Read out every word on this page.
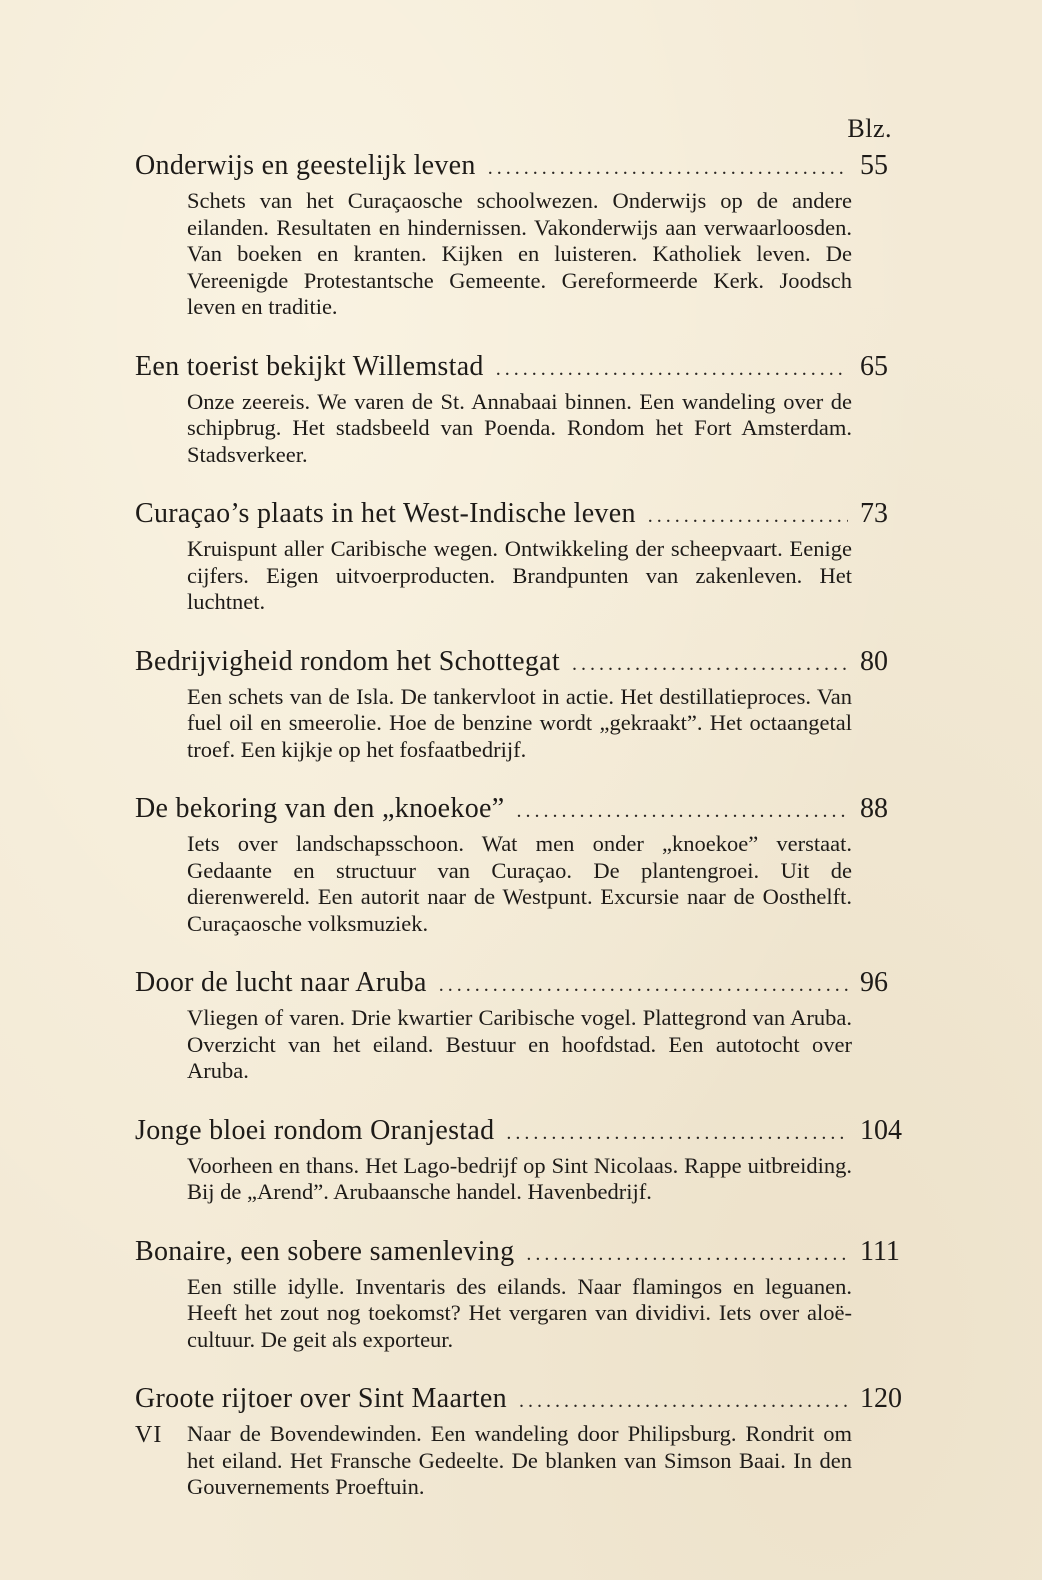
Blz.
Onderwijs en geestelijk leven .....	55
Schets van het Curaçaosche schoolwezen. Onderwijs op de andere eilanden. Resultaten en hindernissen. Vakonderwijs aan verwaarloosden. Van boeken en kranten. Kijken en luisteren. Katholiek leven. De Vereenigde Protestantsche Gemeente. Gereformeerde Kerk. Joodsch leven en traditie.
Een toerist bekijkt Willemstad .....	65
Onze zeereis. We varen de St. Annabaai binnen. Een wandeling over de schipbrug. Het stadsbeeld van Poenda. Rondom het Fort Amsterdam. Stadsverkeer.
Curaçao’s plaats in het West-Indische leven .....	73
Kruispunt aller Caribische wegen. Ontwikkeling der scheepvaart. Eenige cijfers. Eigen uitvoerproducten. Brandpunten van zakenleven. Het luchtnet.
Bedrijvigheid rondom het Schottegat .....	80
Een schets van de Isla. De tankervloot in actie. Het destillatieproces. Van fuel oil en smeerolie. Hoe de benzine wordt „gekraakt”. Het octaangetal troef. Een kijkje op het fosfaatbedrijf.
De bekoring van den „knoekoe” .....	88
Iets over landschapsschoon. Wat men onder „knoekoe” verstaat. Gedaante en structuur van Curaçao. De plantengroei. Uit de dierenwereld. Een autorit naar de Westpunt. Excursie naar de Oosthelft. Curaçaosche volksmuziek.
Door de lucht naar Aruba .....	96
Vliegen of varen. Drie kwartier Caribische vogel. Plattegrond van Aruba. Overzicht van het eiland. Bestuur en hoofdstad. Een autotocht over Aruba.
Jonge bloei rondom Oranjestad .....	104
Voorheen en thans. Het Lago-bedrijf op Sint Nicolaas. Rappe uitbreiding. Bij de „Arend”. Arubaansche handel. Havenbedrijf.
Bonaire, een sobere samenleving .....	111
Een stille idylle. Inventaris des eilands. Naar flamingos en leguanen. Heeft het zout nog toekomst? Het vergaren van dividivi. Iets over aloë-cultuur. De geit als exporteur.
Groote rijtoer over Sint Maarten .....	120
Naar de Bovendewinden. Een wandeling door Philipsburg. Rondrit om het eiland. Het Fransche Gedeelte. De blanken van Simson Baai. In den Gouvernements Proeftuin.
VI
